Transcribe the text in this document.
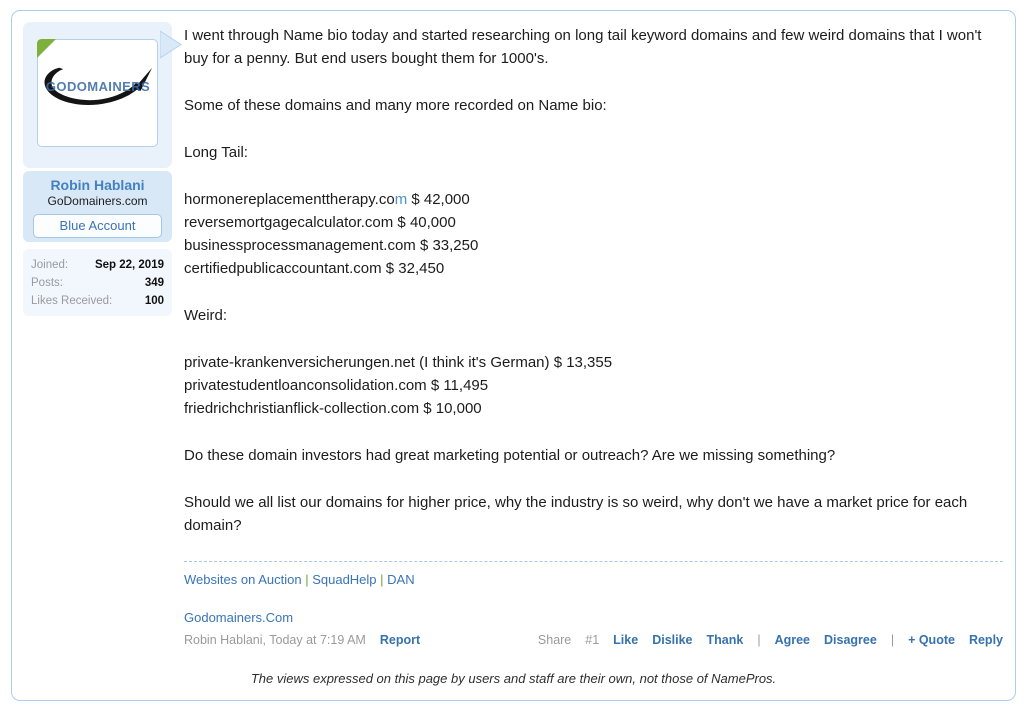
GODOMAINERS
Robin Hablani
GoDomainers.com
Blue Account
Joined: Sep 22, 2019
Posts:	349
Likes Received:	100

I went through Name bio today and started researching on long tail keyword domains and few weird domains that I won't buy for a penny. But end users bought them for 1000's.

Some of these domains and many more recorded on Name bio:

Long Tail:

hormonereplacementtherapy.com $ 42,000
reversemortgagecalculator.com $ 40,000
businessprocessmanagement.com $ 33,250
certifiedpublicaccountant.com $ 32,450

Weird:

private-krankenversicherungen.net (I think it's German) $ 13,355
privatestudentloanconsolidation.com $ 11,495
friedrichchristianflick-collection.com $ 10,000

Do these domain investors had great marketing potential or outreach? Are we missing something?

Should we all list our domains for higher price, why the industry is so weird, why don't we have a market price for each domain?

Websites on Auction | SquadHelp | DAN
Godomainers.Com
Robin Hablani, Today at 7:19 AM Report	Share #1 Like Dislike Thank | Agree Disagree | + Quote Reply
The views expressed on this page by users and staff are their own, not those of NamePros.
